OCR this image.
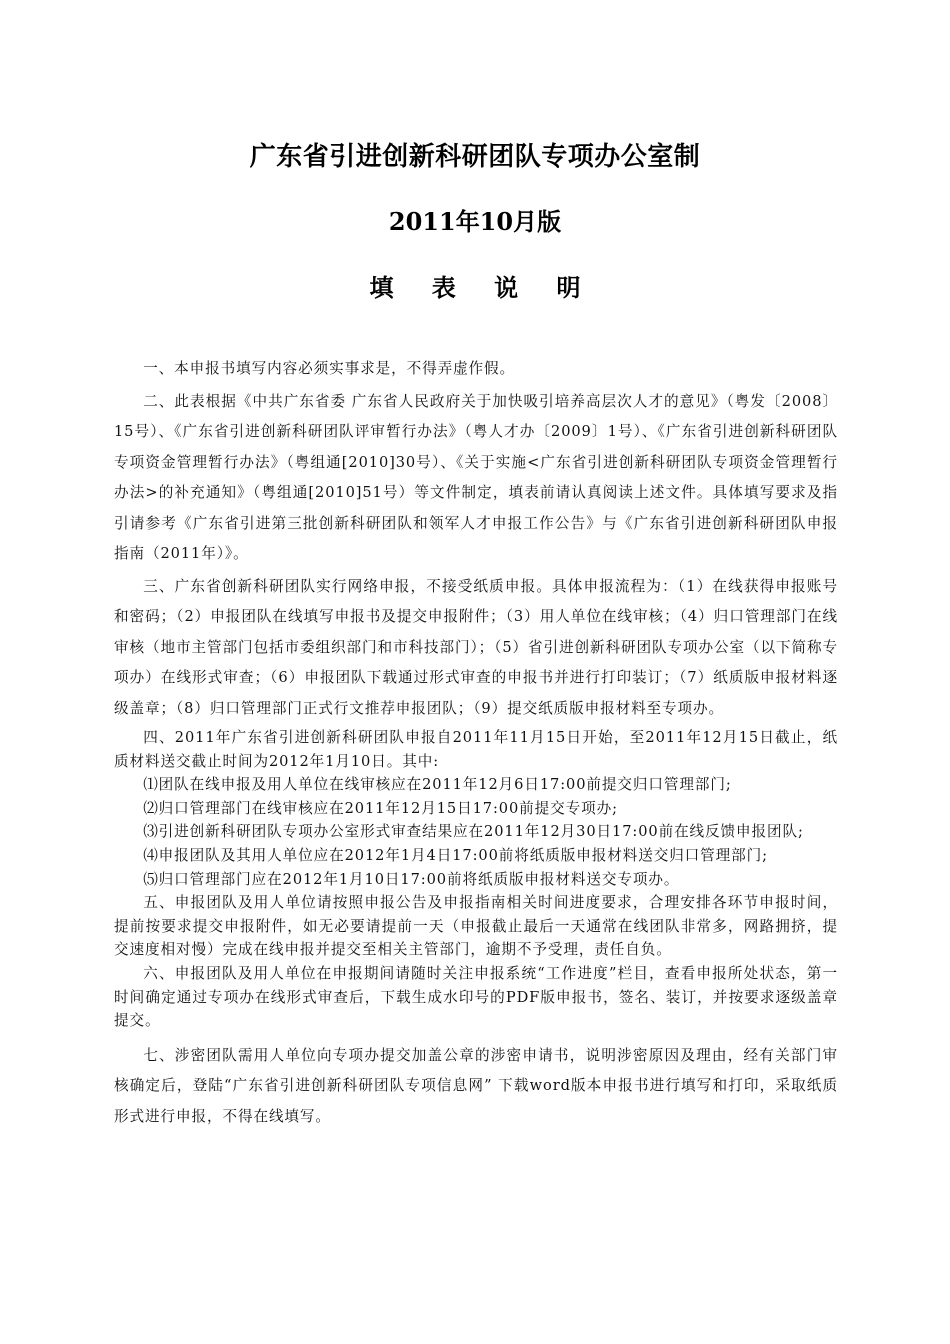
广东省引进创新科研团队专项办公室制
2011年10月版
填 表 说 明

一、本申报书填写内容必须实事求是，不得弄虚作假。

二、此表根据《中共广东省委 广东省人民政府关于加快吸引培养高层次人才的意见》（粤发〔2008〕15号）、《广东省引进创新科研团队评审暂行办法》（粤人才办〔2009〕1号）、《广东省引进创新科研团队专项资金管理暂行办法》（粤组通[2010]30号）、《关于实施<广东省引进创新科研团队专项资金管理暂行办法>的补充通知》（粤组通[2010]51号）等文件制定，填表前请认真阅读上述文件。具体填写要求及指引请参考《广东省引进第三批创新科研团队和领军人才申报工作公告》与《广东省引进创新科研团队申报指南（2011年）》。

三、广东省创新科研团队实行网络申报，不接受纸质申报。具体申报流程为：（1）在线获得申报账号和密码；（2）申报团队在线填写申报书及提交申报附件；（3）用人单位在线审核；（4）归口管理部门在线审核（地市主管部门包括市委组织部门和市科技部门）；（5）省引进创新科研团队专项办公室（以下简称专项办）在线形式审查；（6）申报团队下载通过形式审查的申报书并进行打印装订；（7）纸质版申报材料逐级盖章；（8）归口管理部门正式行文推荐申报团队；（9）提交纸质版申报材料至专项办。

四、2011年广东省引进创新科研团队申报自2011年11月15日开始，至2011年12月15日截止，纸质材料送交截止时间为2012年1月10日。其中:

⑴团队在线申报及用人单位在线审核应在2011年12月6日17:00前提交归口管理部门;

⑵归口管理部门在线审核应在2011年12月15日17:00前提交专项办;

⑶引进创新科研团队专项办公室形式审查结果应在2011年12月30日17:00前在线反馈申报团队;

⑷申报团队及其用人单位应在2012年1月4日17:00前将纸质版申报材料送交归口管理部门;

⑸归口管理部门应在2012年1月10日17:00前将纸质版申报材料送交专项办。

五、申报团队及用人单位请按照申报公告及申报指南相关时间进度要求，合理安排各环节申报时间，提前按要求提交申报附件，如无必要请提前一天（申报截止最后一天通常在线团队非常多，网路拥挤，提交速度相对慢）完成在线申报并提交至相关主管部门，逾期不予受理，责任自负。

六、申报团队及用人单位在申报期间请随时关注申报系统“工作进度”栏目，查看申报所处状态，第一时间确定通过专项办在线形式审查后，下载生成水印号的PDF版申报书，签名、装订，并按要求逐级盖章提交。

七、涉密团队需用人单位向专项办提交加盖公章的涉密申请书，说明涉密原因及理由，经有关部门审核确定后，登陆“广东省引进创新科研团队专项信息网” 下载word版本申报书进行填写和打印，采取纸质形式进行申报，不得在线填写。
